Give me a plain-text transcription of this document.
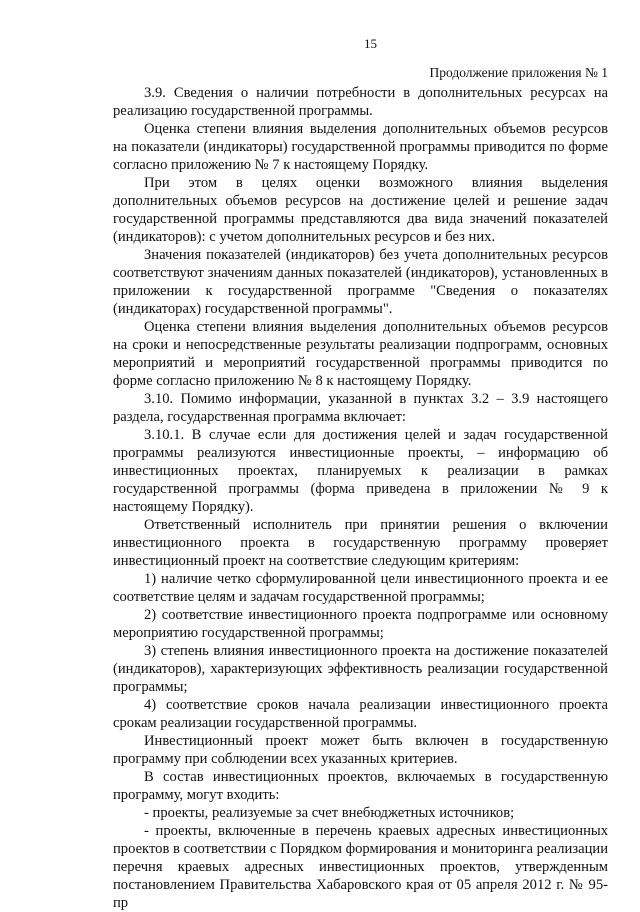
15
Продолжение приложения № 1

3.9. Сведения о наличии потребности в дополнительных ресурсах на реализацию государственной программы.

Оценка степени влияния выделения дополнительных объемов ресурсов на показатели (индикаторы) государственной программы приводится по форме согласно приложению № 7 к настоящему Порядку.

При этом в целях оценки возможного влияния выделения дополнительных объемов ресурсов на достижение целей и решение задач государственной программы представляются два вида значений показателей (индикаторов): с учетом дополнительных ресурсов и без них.

Значения показателей (индикаторов) без учета дополнительных ресурсов соответствуют значениям данных показателей (индикаторов), установленных в приложении к государственной программе "Сведения о показателях (индикаторах) государственной программы".

Оценка степени влияния выделения дополнительных объемов ресурсов на сроки и непосредственные результаты реализации подпрограмм, основных мероприятий и мероприятий государственной программы приводится по форме согласно приложению № 8 к настоящему Порядку.

3.10. Помимо информации, указанной в пунктах 3.2 – 3.9 настоящего раздела, государственная программа включает:

3.10.1. В случае если для достижения целей и задач государственной программы реализуются инвестиционные проекты, – информацию об инвестиционных проектах, планируемых к реализации в рамках государственной программы (форма приведена в приложении № 9 к настоящему Порядку).

Ответственный исполнитель при принятии решения о включении инвестиционного проекта в государственную программу проверяет инвестиционный проект на соответствие следующим критериям:

1) наличие четко сформулированной цели инвестиционного проекта и ее соответствие целям и задачам государственной программы;

2) соответствие инвестиционного проекта подпрограмме или основному мероприятию государственной программы;

3) степень влияния инвестиционного проекта на достижение показателей (индикаторов), характеризующих эффективность реализации государственной программы;

4) соответствие сроков начала реализации инвестиционного проекта срокам реализации государственной программы.

Инвестиционный проект может быть включен в государственную программу при соблюдении всех указанных критериев.

В состав инвестиционных проектов, включаемых в государственную программу, могут входить:

- проекты, реализуемые за счет внебюджетных источников;

- проекты, включенные в перечень краевых адресных инвестиционных проектов в соответствии с Порядком формирования и мониторинга реализации перечня краевых адресных инвестиционных проектов, утвержденным постановлением Правительства Хабаровского края от 05 апреля 2012 г. № 95-пр
